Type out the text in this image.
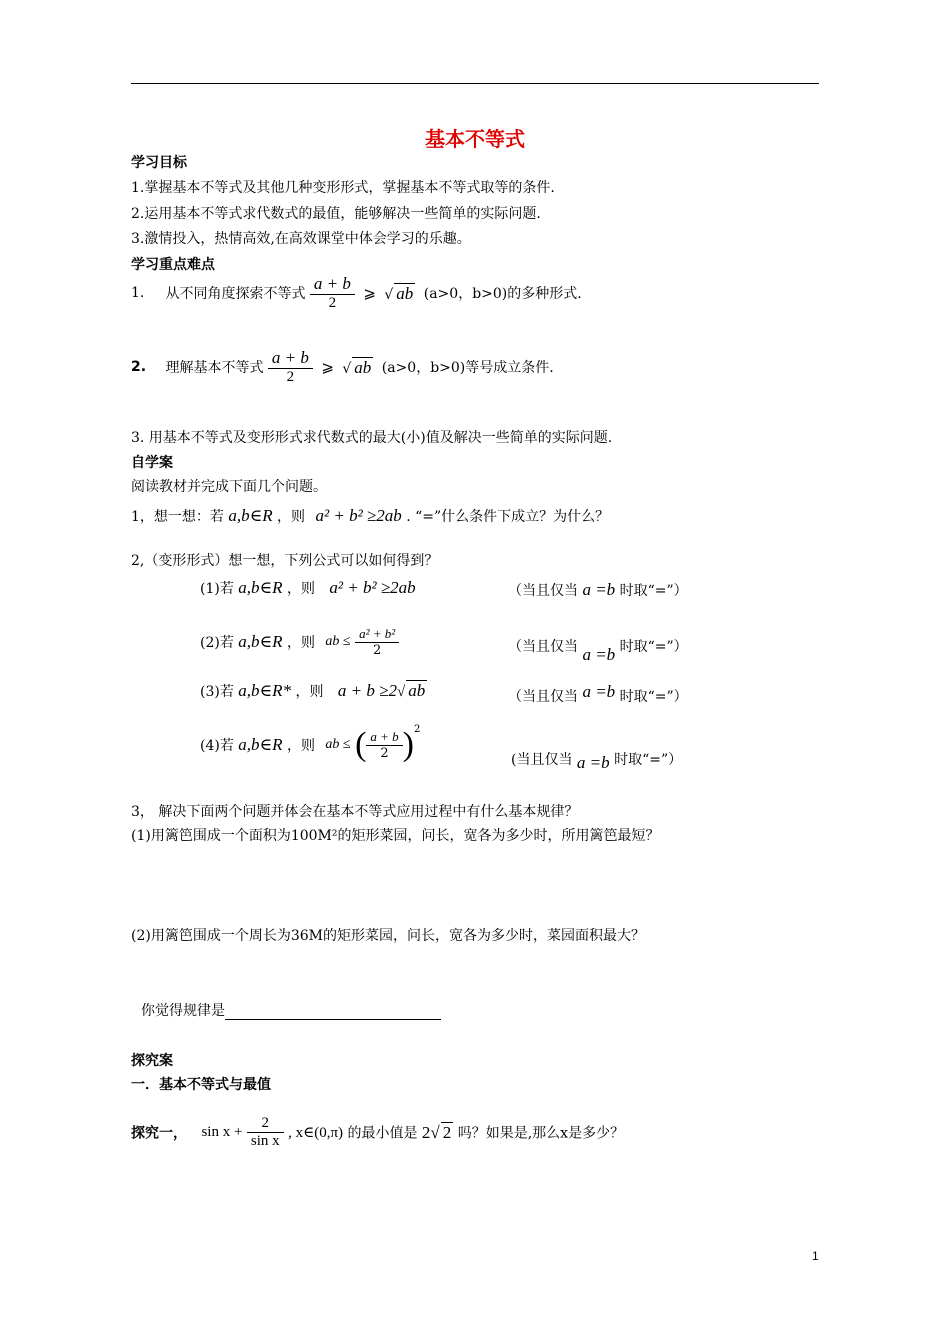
基本不等式
学习目标
1.掌握基本不等式及其他几种变形形式，掌握基本不等式取等的条件.
2.运用基本不等式求代数式的最值，能够解决一些简单的实际问题.
3.激情投入，热情高效,在高效课堂中体会学习的乐趣。
学习重点难点
1. 从不同角度探索不等式 $\frac{a + b}{2}$ ⩾ √ ab (a>0，b>0)的多种形式.
2. 理解基本不等式 $\frac{a + b}{2}$ ⩾ √ ab (a>0，b>0)等号成立条件.
3. 用基本不等式及变形形式求代数式的最大(小)值及解决一些简单的实际问题.
自学案
阅读教材并完成下面几个问题。
1，想一想：若 a,b∈R ，则 a² + b² ≥2ab . “=”什么条件下成立？为什么？
2,（变形形式）想一想，下列公式可以如何得到？
(1)若 a,b∈R ，则 a² + b² ≥2ab	（当且仅当 a =b 时取“=”）
(2)若 a,b∈R ，则 ab ≤ $\frac{\text{a² + b²}}{2}$	（当且仅当 a =b 时取“=”）
(3)若 a,b∈R* ，则 a + b ≥2√ ab	（当且仅当 a =b 时取“=”）
(4)若 a,b∈R ，则 ab ≤ ( $\frac{a + b}{2} )^2$
(当且仅当 a =b 时取“=”）
3， 解决下面两个问题并体会在基本不等式应用过程中有什么基本规律？
(1)用篱笆围成一个面积为100M²的矩形菜园，问长，宽各为多少时，所用篱笆最短？
(2)用篱笆围成一个周长为36M的矩形菜园，问长，宽各为多少时，菜园面积最大？
你觉得规律是
探究案
一．基本不等式与最值
探究一， $\sin x + \frac{2}{\text{sin x}}$ , x∈(0,π) 的最小值是 2√ 2 吗？如果是,那么x是多少？
1
